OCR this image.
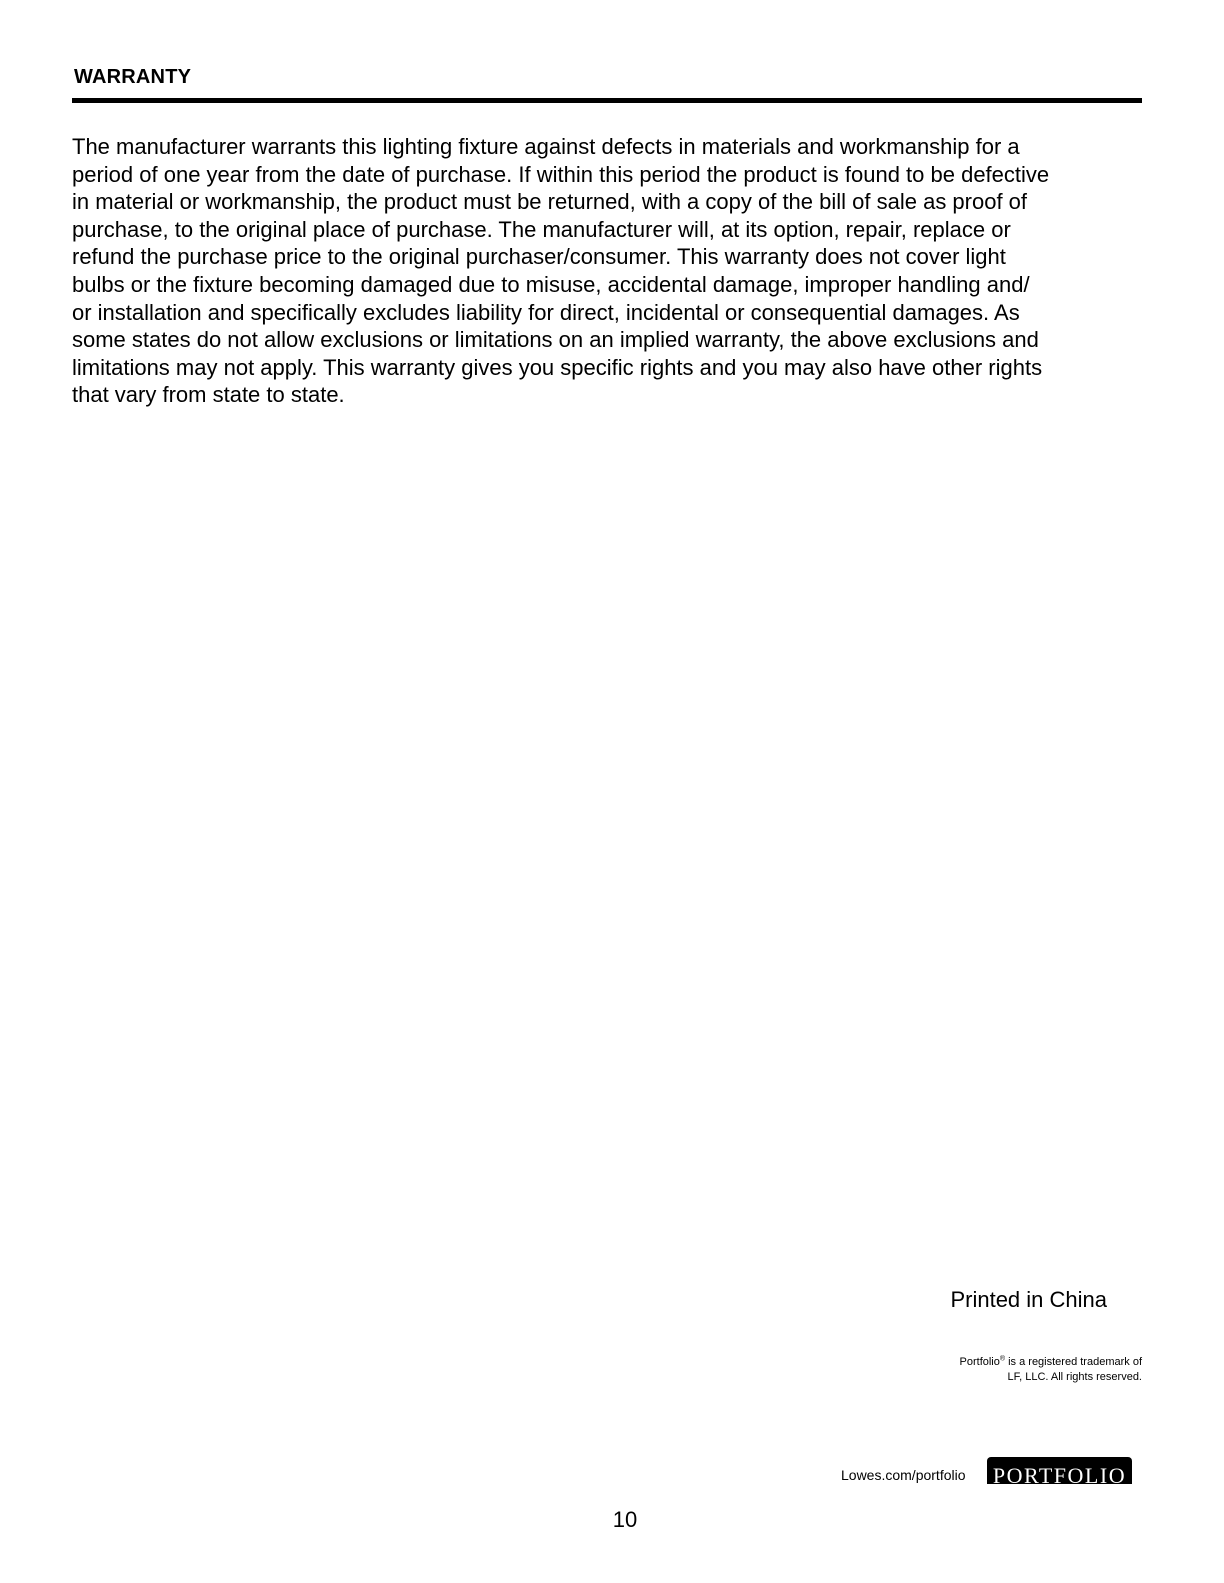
WARRANTY

The manufacturer warrants this lighting fixture against defects in materials and workmanship for a
period of one year from the date of purchase. If within this period the product is found to be defective
in material or workmanship, the product must be returned, with a copy of the bill of sale as proof of
purchase, to the original place of purchase. The manufacturer will, at its option, repair, replace or
refund the purchase price to the original purchaser/consumer. This warranty does not cover light
bulbs or the fixture becoming damaged due to misuse, accidental damage, improper handling and/
or installation and specifically excludes liability for direct, incidental or consequential damages. As
some states do not allow exclusions or limitations on an implied warranty, the above exclusions and
limitations may not apply. This warranty gives you specific rights and you may also have other rights
that vary from state to state.

Printed in China

Portfolio® is a registered trademark of
LF, LLC. All rights reserved.

Lowes.com/portfolio PORTFOLIO

10
